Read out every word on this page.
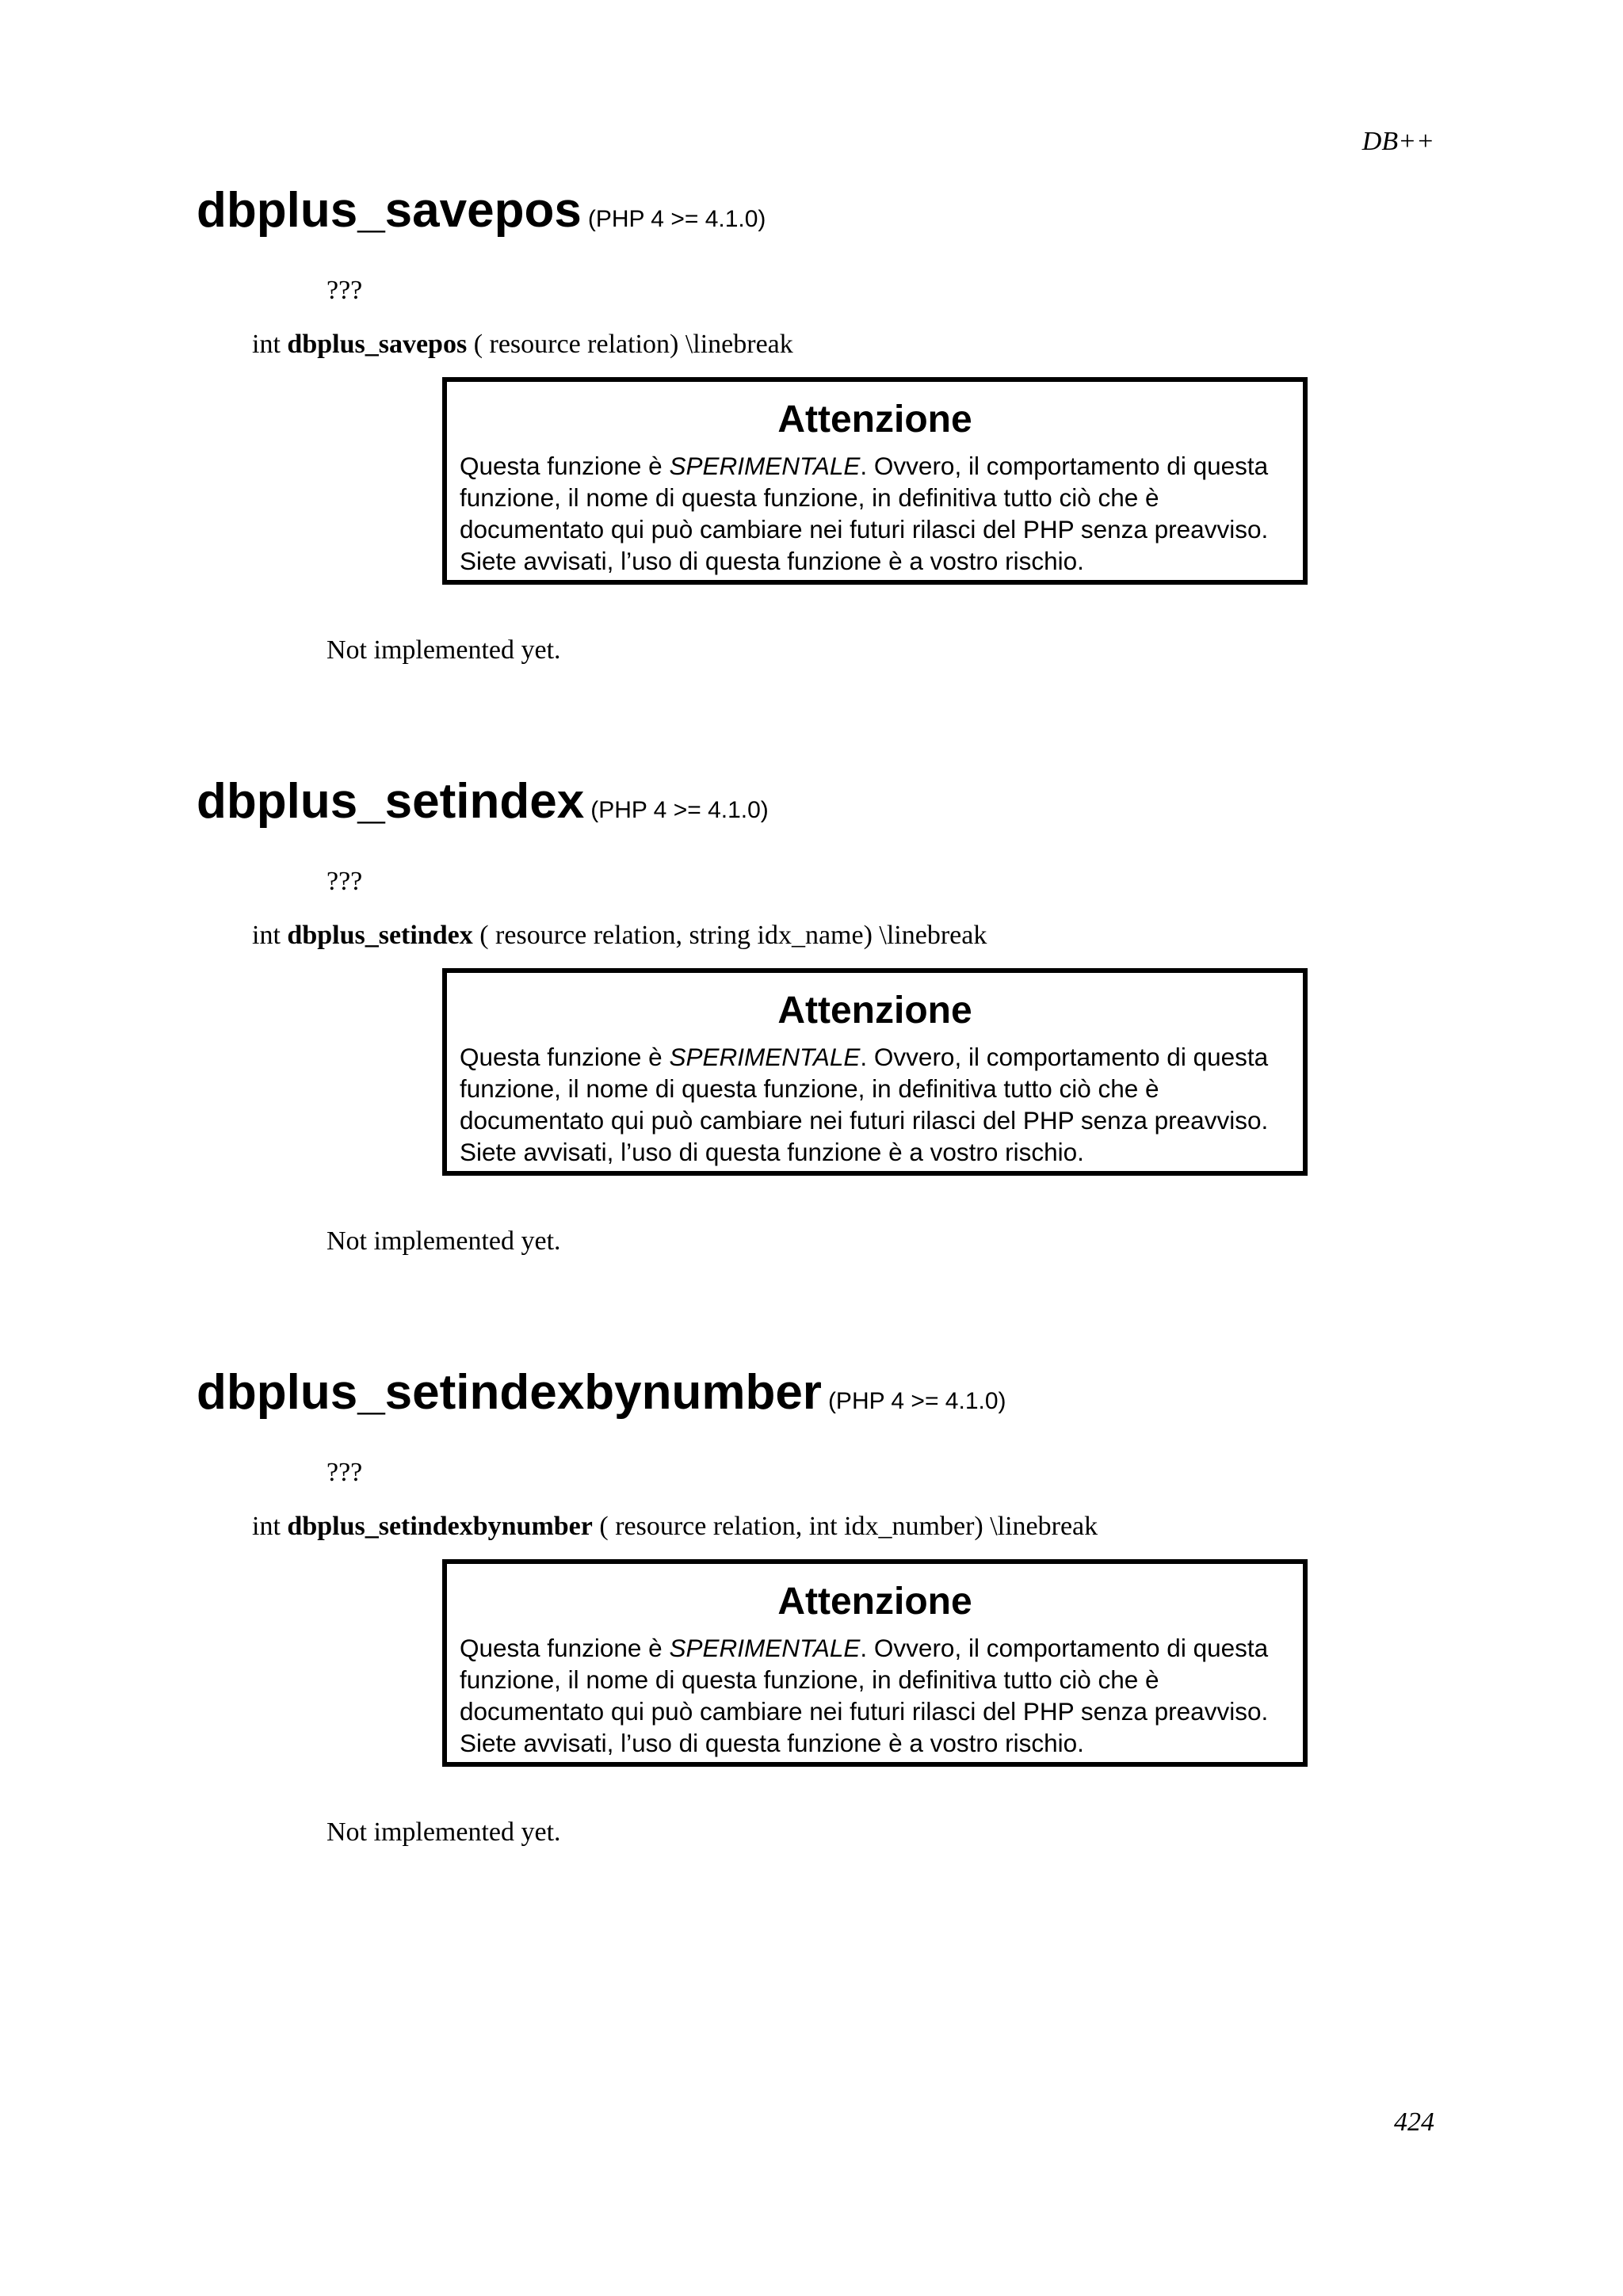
DB++
dbplus_savepos (PHP 4 >= 4.1.0)
???
int dbplus_savepos ( resource relation) \linebreak
Attenzione
Questa funzione è SPERIMENTALE. Ovvero, il comportamento di questa funzione, il nome di questa funzione, in definitiva tutto ciò che è documentato qui può cambiare nei futuri rilasci del PHP senza preavviso. Siete avvisati, l’uso di questa funzione è a vostro rischio.
Not implemented yet.
dbplus_setindex (PHP 4 >= 4.1.0)
???
int dbplus_setindex ( resource relation, string idx_name) \linebreak
Attenzione
Questa funzione è SPERIMENTALE. Ovvero, il comportamento di questa funzione, il nome di questa funzione, in definitiva tutto ciò che è documentato qui può cambiare nei futuri rilasci del PHP senza preavviso. Siete avvisati, l’uso di questa funzione è a vostro rischio.
Not implemented yet.
dbplus_setindexbynumber (PHP 4 >= 4.1.0)
???
int dbplus_setindexbynumber ( resource relation, int idx_number) \linebreak
Attenzione
Questa funzione è SPERIMENTALE. Ovvero, il comportamento di questa funzione, il nome di questa funzione, in definitiva tutto ciò che è documentato qui può cambiare nei futuri rilasci del PHP senza preavviso. Siete avvisati, l’uso di questa funzione è a vostro rischio.
Not implemented yet.
424
